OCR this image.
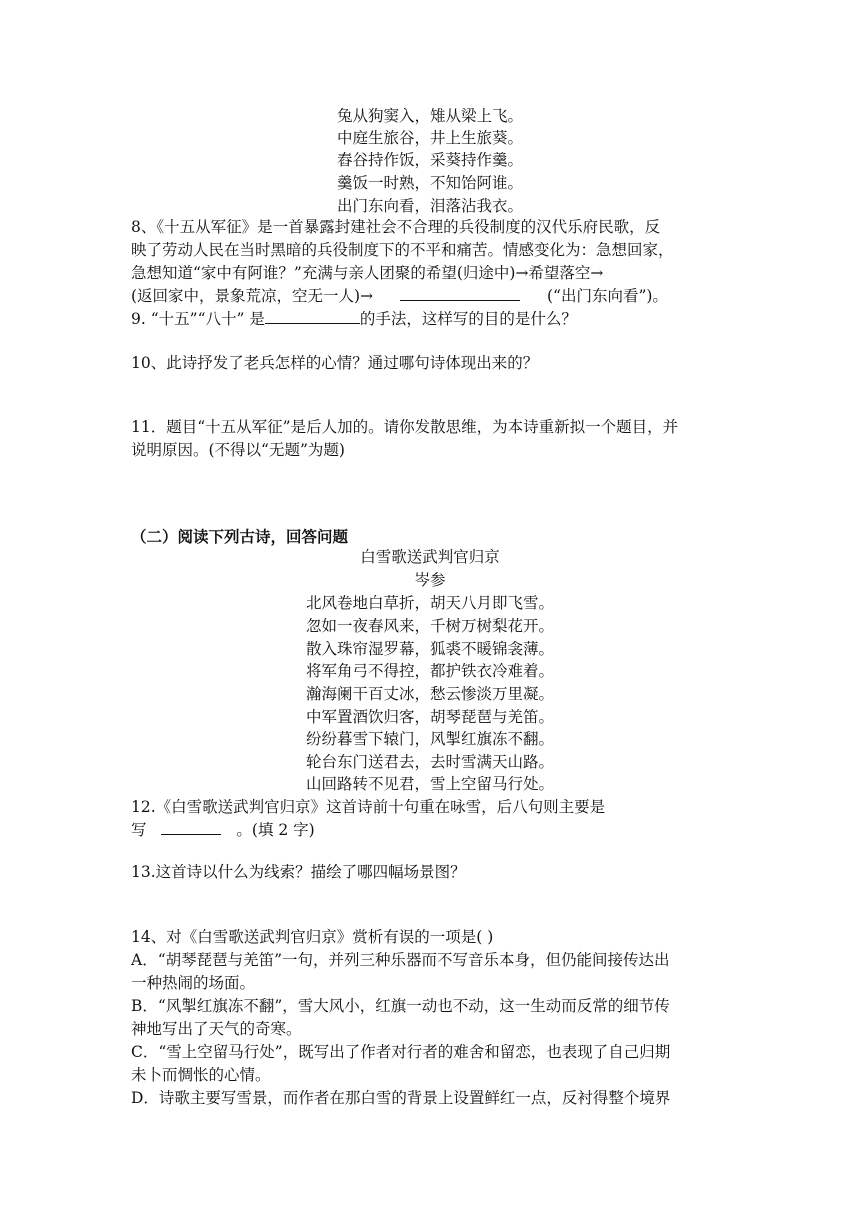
兔从狗窦入，雉从梁上飞。
中庭生旅谷，井上生旅葵。
舂谷持作饭，采葵持作羹。
羹饭一时熟，不知饴阿谁。
出门东向看，泪落沾我衣。
8、《十五从军征》是一首暴露封建社会不合理的兵役制度的汉代乐府民歌，反
映了劳动人民在当时黑暗的兵役制度下的不平和痛苦。情感变化为：急想回家，
急想知道“家中有阿谁？”充满与亲人团聚的希望(归途中)→希望落空→
(返回家中，景象荒凉，空无一人)→	(“出门东向看”)。
9. “十五”“八十” 是	的手法，这样写的目的是什么？
10、此诗抒发了老兵怎样的心情？通过哪句诗体现出来的？
11．题目“十五从军征”是后人加的。请你发散思维，为本诗重新拟一个题目，并
说明原因。(不得以“无题”为题)
（二）阅读下列古诗，回答问题
白雪歌送武判官归京
岑参
北风卷地白草折，胡天八月即飞雪。
忽如一夜春风来，千树万树梨花开。
散入珠帘湿罗幕，狐裘不暖锦衾薄。
将军角弓不得控，都护铁衣冷难着。
瀚海阑干百丈冰，愁云惨淡万里凝。
中军置酒饮归客，胡琴琵琶与羌笛。
纷纷暮雪下辕门，风掣红旗冻不翻。
轮台东门送君去，去时雪满天山路。
山回路转不见君，雪上空留马行处。
12.《白雪歌送武判官归京》这首诗前十句重在咏雪，后八句则主要是
写	。(填 2 字)
13.这首诗以什么为线索？描绘了哪四幅场景图？
14、对《白雪歌送武判官归京》赏析有误的一项是( )
A．“胡琴琵琶与羌笛”一句，并列三种乐器而不写音乐本身，但仍能间接传达出
一种热闹的场面。
B．“风掣红旗冻不翻”，雪大风小，红旗一动也不动，这一生动而反常的细节传
神地写出了天气的奇寒。
C．“雪上空留马行处”，既写出了作者对行者的难舍和留恋，也表现了自己归期
未卜而惆怅的心情。
D．诗歌主要写雪景，而作者在那白雪的背景上设置鲜红一点，反衬得整个境界
